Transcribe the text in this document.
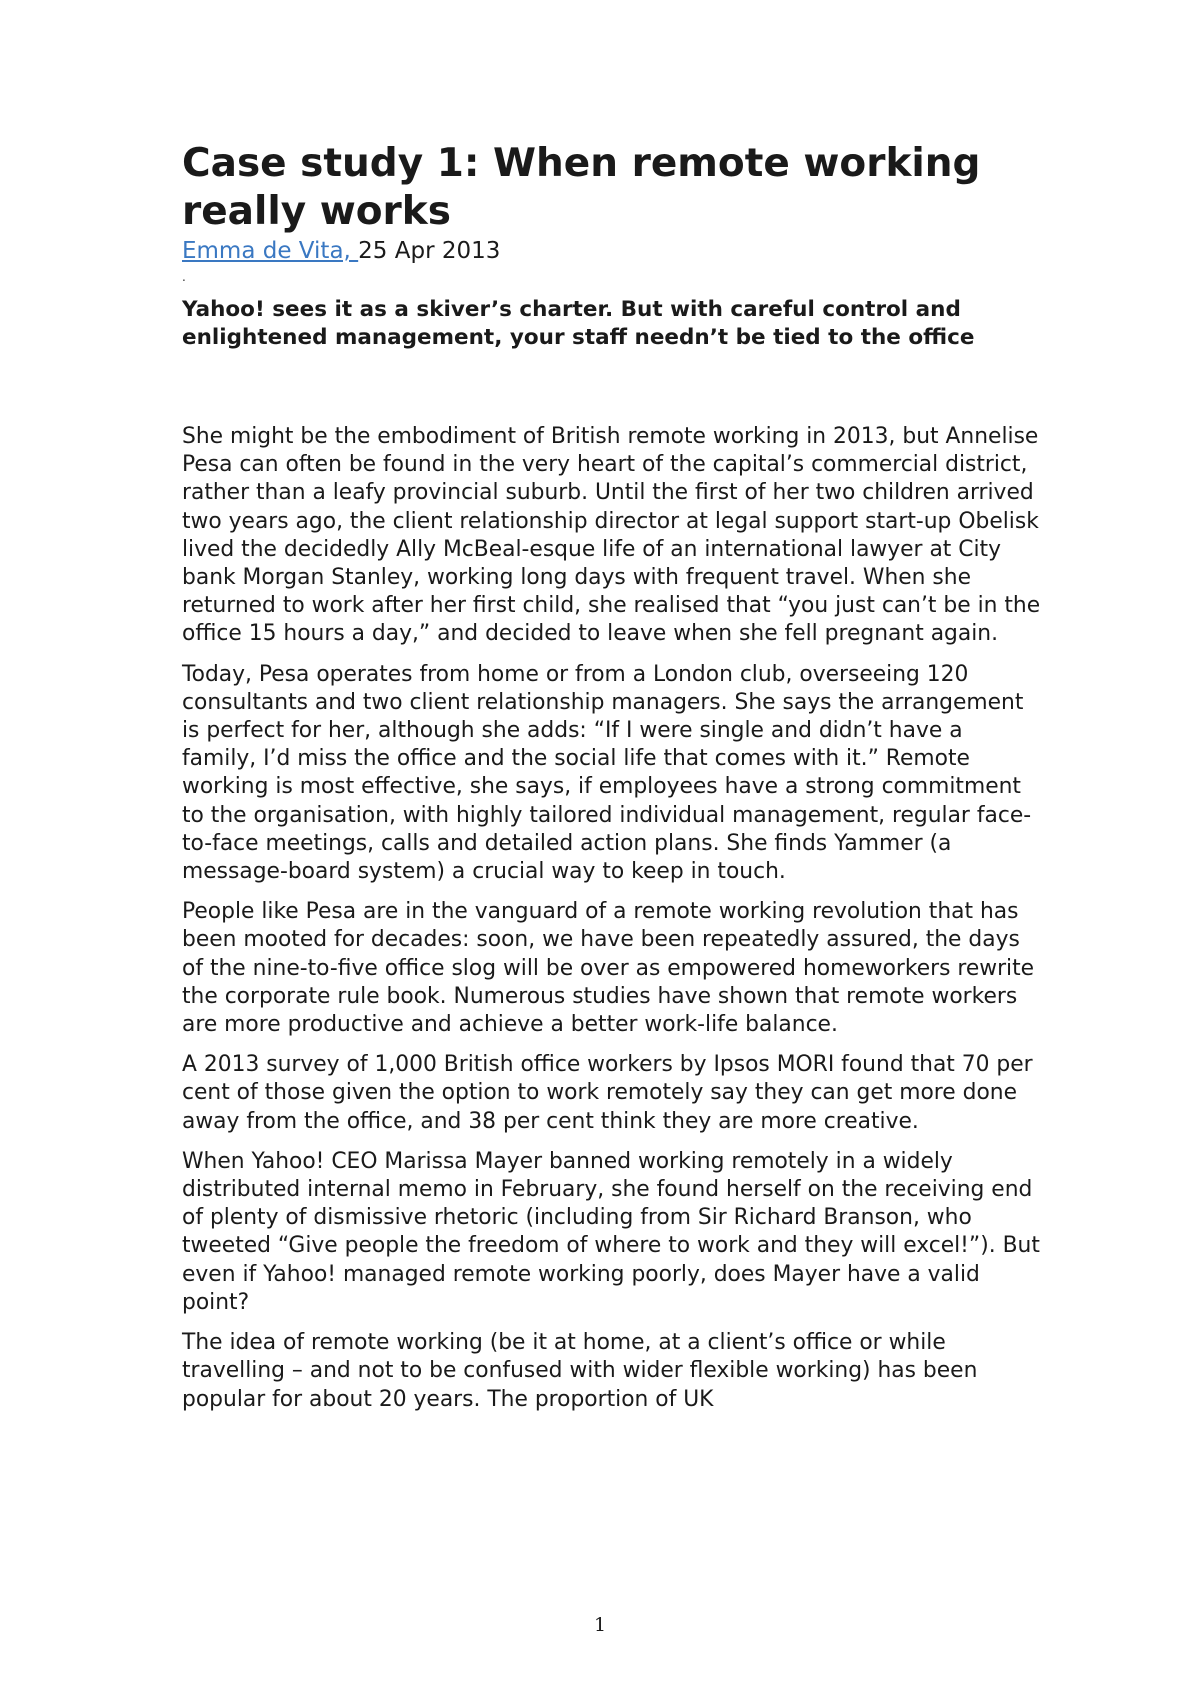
Case study 1: When remote working really works
Emma de Vita, 25 Apr 2013
.

Yahoo! sees it as a skiver’s charter. But with careful control and enlightened management, your staff needn’t be tied to the office

She might be the embodiment of British remote working in 2013, but Annelise Pesa can often be found in the very heart of the capital’s commercial district, rather than a leafy provincial suburb. Until the first of her two children arrived two years ago, the client relationship director at legal support start-up Obelisk lived the decidedly Ally McBeal-esque life of an international lawyer at City bank Morgan Stanley, working long days with frequent travel. When she returned to work after her first child, she realised that “you just can’t be in the office 15 hours a day,” and decided to leave when she fell pregnant again.

Today, Pesa operates from home or from a London club, overseeing 120 consultants and two client relationship managers. She says the arrangement is perfect for her, although she adds: “If I were single and didn’t have a family, I’d miss the office and the social life that comes with it.” Remote working is most effective, she says, if employees have a strong commitment to the organisation, with highly tailored individual management, regular face-to-face meetings, calls and detailed action plans. She finds Yammer (a message-board system) a crucial way to keep in touch.

People like Pesa are in the vanguard of a remote working revolution that has been mooted for decades: soon, we have been repeatedly assured, the days of the nine-to-five office slog will be over as empowered homeworkers rewrite the corporate rule book. Numerous studies have shown that remote workers are more productive and achieve a better work-life balance.

A 2013 survey of 1,000 British office workers by Ipsos MORI found that 70 per cent of those given the option to work remotely say they can get more done away from the office, and 38 per cent think they are more creative.

When Yahoo! CEO Marissa Mayer banned working remotely in a widely distributed internal memo in February, she found herself on the receiving end of plenty of dismissive rhetoric (including from Sir Richard Branson, who tweeted “Give people the freedom of where to work and they will excel!”). But even if Yahoo! managed remote working poorly, does Mayer have a valid point?

The idea of remote working (be it at home, at a client’s office or while travelling – and not to be confused with wider flexible working) has been popular for about 20 years. The proportion of UK

1
